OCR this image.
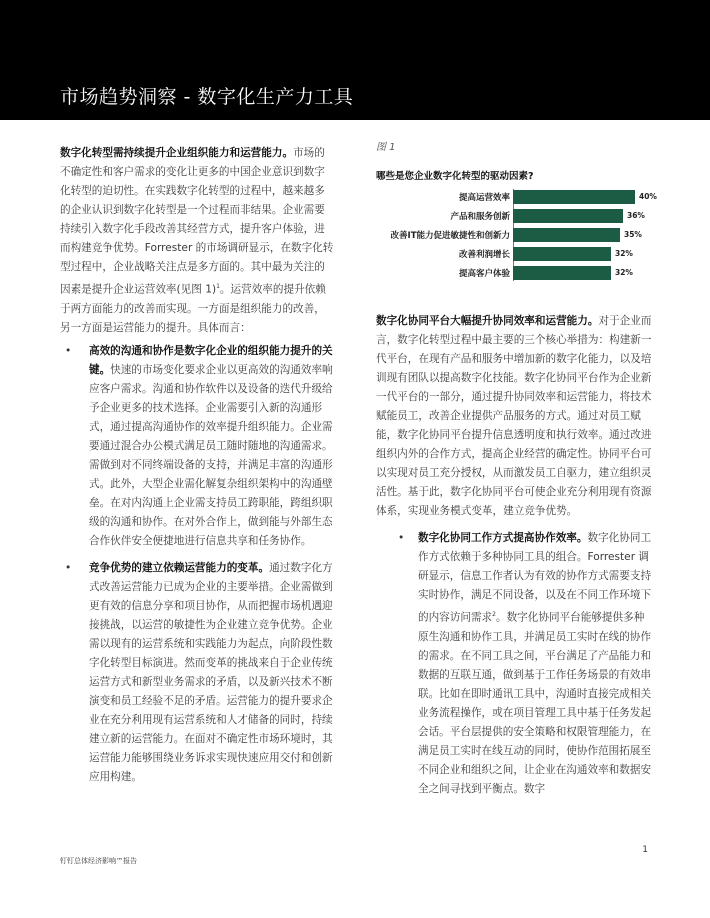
市场趋势洞察 - 数字化生产力工具

数字化转型需持续提升企业组织能力和运营能力。市场的不确定性和客户需求的变化让更多的中国企业意识到数字化转型的迫切性。在实践数字化转型的过程中，越来越多的企业认识到数字化转型是一个过程而非结果。企业需要持续引入数字化手段改善其经营方式，提升客户体验，进而构建竞争优势。Forrester 的市场调研显示，在数字化转型过程中，企业战略关注点是多方面的。其中最为关注的因素是提升企业运营效率(见图 1)$^1$。运营效率的提升依赖于两方面能力的改善而实现。一方面是组织能力的改善，另一方面是运营能力的提升。具体而言：

• 高效的沟通和协作是数字化企业的组织能力提升的关键。快速的市场变化要求企业以更高效的沟通效率响应客户需求。沟通和协作软件以及设备的迭代升级给予企业更多的技术选择。企业需要引入新的沟通形式，通过提高沟通协作的效率提升组织能力。企业需要通过混合办公模式满足员工随时随地的沟通需求。需做到对不同终端设备的支持，并满足丰富的沟通形式。此外，大型企业需化解复杂组织架构中的沟通壁垒。在对内沟通上企业需支持员工跨职能，跨组织职级的沟通和协作。在对外合作上，做到能与外部生态合作伙伴安全便捷地进行信息共享和任务协作。
• 竞争优势的建立依赖运营能力的变革。通过数字化方式改善运营能力已成为企业的主要举措。企业需做到更有效的信息分享和项目协作，从而把握市场机遇迎接挑战，以运营的敏捷性为企业建立竞争优势。企业需以现有的运营系统和实践能力为起点，向阶段性数字化转型目标演进。然而变革的挑战来自于企业传统运营方式和新型业务需求的矛盾，以及新兴技术不断演变和员工经验不足的矛盾。运营能力的提升要求企业在充分利用现有运营系统和人才储备的同时，持续建立新的运营能力。在面对不确定性市场环境时，其运营能力能够围绕业务诉求实现快速应用交付和创新应用构建。
图 1
哪些是您企业数字化转型的驱动因素?
提高运营效率	40%
产品和服务创新	36%
改善IT能力促进敏捷性和创新力	35%
改善利润增长	32%
提高客户体验	32%

数字化协同平台大幅提升协同效率和运营能力。对于企业而言，数字化转型过程中最主要的三个核心举措为：构建新一代平台，在现有产品和服务中增加新的数字化能力，以及培训现有团队以提高数字化技能。数字化协同平台作为企业新一代平台的一部分，通过提升协同效率和运营能力，将技术赋能员工，改善企业提供产品服务的方式。通过对员工赋能，数字化协同平台提升信息透明度和执行效率。通过改进组织内外的合作方式，提高企业经营的确定性。协同平台可以实现对员工充分授权，从而激发员工自驱力，建立组织灵活性。基于此，数字化协同平台可使企业充分利用现有资源体系，实现业务模式变革，建立竞争优势。

• 数字化协同工作方式提高协作效率。数字化协同工作方式依赖于多种协同工具的组合。Forrester 调研显示，信息工作者认为有效的协作方式需要支持实时协作，满足不同设备，以及在不同工作环境下的内容访问需求$^2$。数字化协同平台能够提供多种原生沟通和协作工具，并满足员工实时在线的协作的需求。在不同工具之间，平台满足了产品能力和数据的互联互通，做到基于工作任务场景的有效串联。比如在即时通讯工具中，沟通时直接完成相关业务流程操作，或在项目管理工具中基于任务发起会话。平台层提供的安全策略和权限管理能力，在满足员工实时在线互动的同时，使协作范围拓展至不同企业和组织之间，让企业在沟通效率和数据安全之间寻找到平衡点。数字
1
钉钉总体经济影响™报告
